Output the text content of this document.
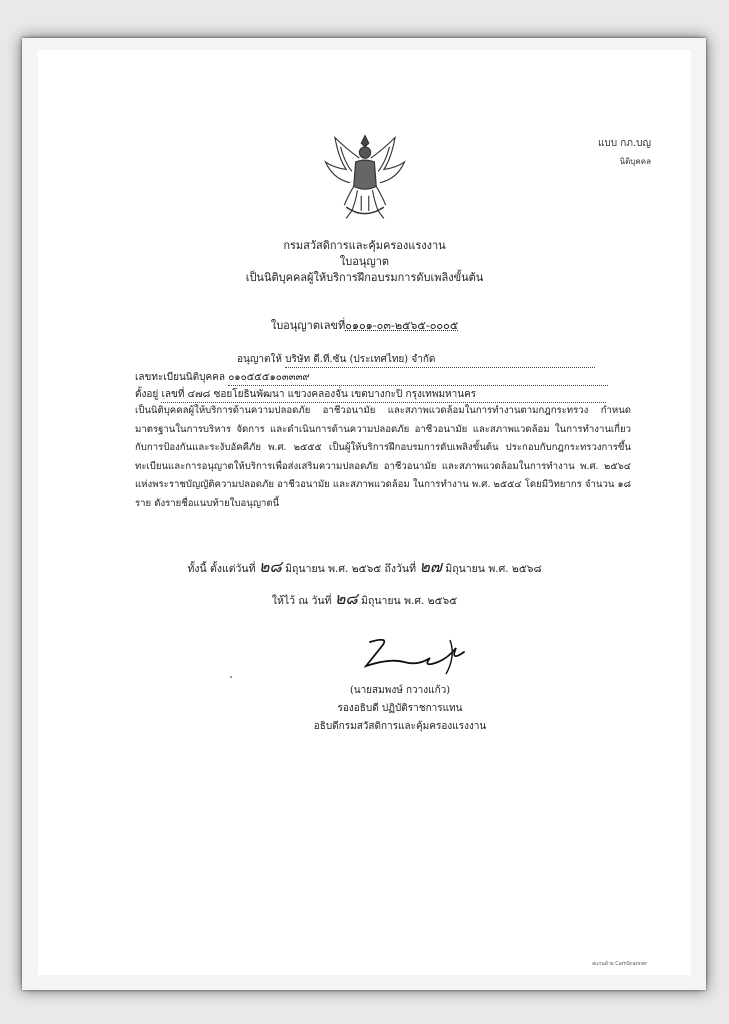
แบบ กภ.บญ
นิติบุคคล
กรมสวัสดิการและคุ้มครองแรงงาน
ใบอนุญาต
เป็นนิติบุคคลผู้ให้บริการฝึกอบรมการดับเพลิงขั้นต้น
ใบอนุญาตเลขที่๐๑๐๑-๐๓-๒๕๖๕-๐๐๐๕
อนุญาตให้ บริษัท ดี.ที.ซัน (ประเทศไทย) จำกัด
เลขทะเบียนนิติบุคคล ๐๑๐๕๕๕๑๐๓๓๓๙
ตั้งอยู่ เลขที่ ๔๗๘ ซอยโยธินพัฒนา แขวงคลองจั่น เขตบางกะปิ กรุงเทพมหานคร
เป็นนิติบุคคลผู้ให้บริการด้านความปลอดภัย อาชีวอนามัย และสภาพแวดล้อมในการทำงานตามกฎกระทรวง กำหนดมาตรฐานในการบริหาร จัดการ และดำเนินการด้านความปลอดภัย อาชีวอนามัย และสภาพแวดล้อม ในการทำงานเกี่ยวกับการป้องกันและระงับอัคคีภัย พ.ศ. ๒๕๕๕ เป็นผู้ให้บริการฝึกอบรมการดับเพลิงขั้นต้น ประกอบกับกฎกระทรวงการขึ้นทะเบียนและการอนุญาตให้บริการเพื่อส่งเสริมความปลอดภัย อาชีวอนามัย และสภาพแวดล้อมในการทำงาน พ.ศ. ๒๕๖๔ แห่งพระราชบัญญัติความปลอดภัย อาชีวอนามัย และสภาพแวดล้อม ในการทำงาน พ.ศ. ๒๕๕๔ โดยมีวิทยากร จำนวน ๑๘ ราย ดังรายชื่อแนบท้ายใบอนุญาตนี้
ทั้งนี้ ตั้งแต่วันที่ ๒๘ มิถุนายน พ.ศ. ๒๕๖๕ ถึงวันที่ ๒๗ มิถุนายน พ.ศ. ๒๕๖๘
ให้ไว้ ณ วันที่ ๒๘ มิถุนายน พ.ศ. ๒๕๖๕
(นายสมพงษ์ กวางแก้ว)
รองอธิบดี ปฏิบัติราชการแทน
อธิบดีกรมสวัสดิการและคุ้มครองแรงงาน
สแกนด้วย CamScanner
